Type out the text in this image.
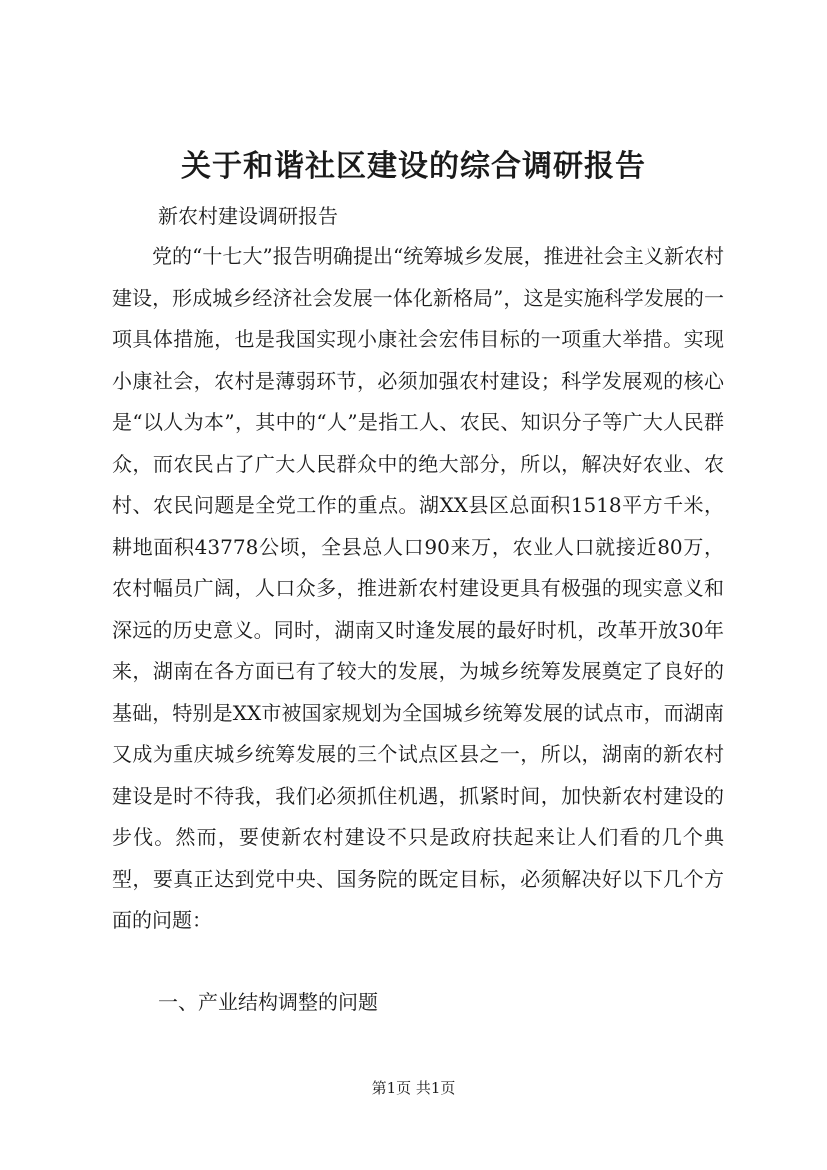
关于和谐社区建设的综合调研报告
新农村建设调研报告

党的“十七大”报告明确提出“统筹城乡发展，推进社会主义新农村建设，形成城乡经济社会发展一体化新格局”，这是实施科学发展的一项具体措施，也是我国实现小康社会宏伟目标的一项重大举措。实现小康社会，农村是薄弱环节，必须加强农村建设；科学发展观的核心是“以人为本”，其中的“人”是指工人、农民、知识分子等广大人民群众，而农民占了广大人民群众中的绝大部分，所以，解决好农业、农村、农民问题是全党工作的重点。湖XX县区总面积1518平方千米，耕地面积43778公顷，全县总人口90来万，农业人口就接近80万，农村幅员广阔，人口众多，推进新农村建设更具有极强的现实意义和深远的历史意义。同时，湖南又时逢发展的最好时机，改革开放30年来，湖南在各方面已有了较大的发展，为城乡统筹发展奠定了良好的基础，特别是XX市被国家规划为全国城乡统筹发展的试点市，而湖南又成为重庆城乡统筹发展的三个试点区县之一，所以，湖南的新农村建设是时不待我，我们必须抓住机遇，抓紧时间，加快新农村建设的步伐。然而，要使新农村建设不只是政府扶起来让人们看的几个典型，要真正达到党中央、国务院的既定目标，必须解决好以下几个方面的问题：

一、产业结构调整的问题
第1页 共1页
